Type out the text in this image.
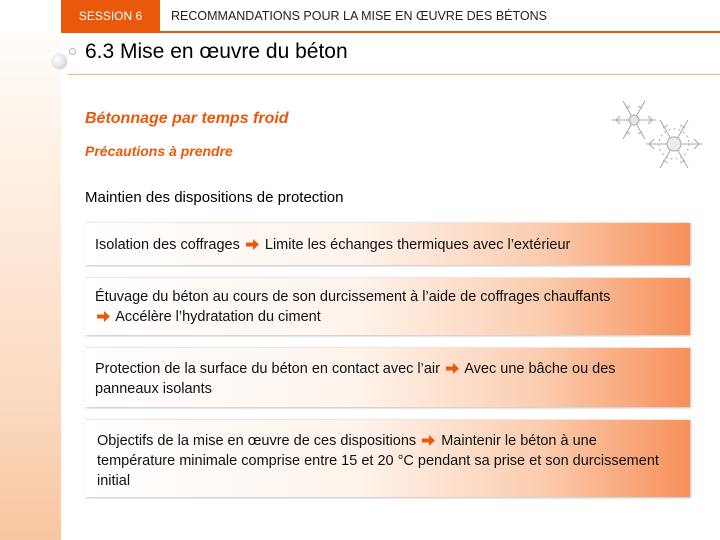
SESSION 6 RECOMMANDATIONS POUR LA MISE EN ŒUVRE DES BÉTONS
6.3 Mise en œuvre du béton
Bétonnage par temps froid
Précautions à prendre
Maintien des dispositions de protection
Isolation des coffrages Limite les échanges thermiques avec l’extérieur
Étuvage du béton au cours de son durcissement à l’aide de coffrages chauffants
Accélère l’hydratation du ciment
Protection de la surface du béton en contact avec l’air Avec une bâche ou des panneaux isolants
Objectifs de la mise en œuvre de ces dispositions Maintenir le béton à une température minimale comprise entre 15 et 20 °C pendant sa prise et son durcissement initial
